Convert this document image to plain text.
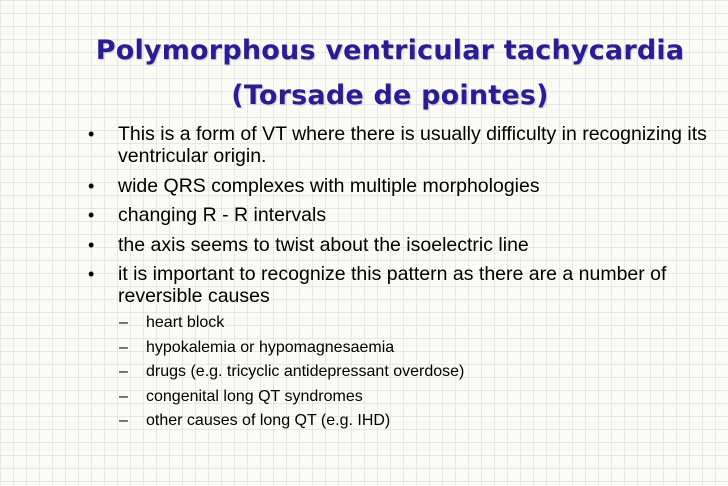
Polymorphous ventricular tachycardia
(Torsade de pointes)
• This is a form of VT where there is usually difficulty in recognizing its ventricular origin.
• wide QRS complexes with multiple morphologies
• changing R - R intervals
• the axis seems to twist about the isoelectric line
• it is important to recognize this pattern as there are a number of reversible causes
– heart block
– hypokalemia or hypomagnesaemia
– drugs (e.g. tricyclic antidepressant overdose)
– congenital long QT syndromes
– other causes of long QT (e.g. IHD)
